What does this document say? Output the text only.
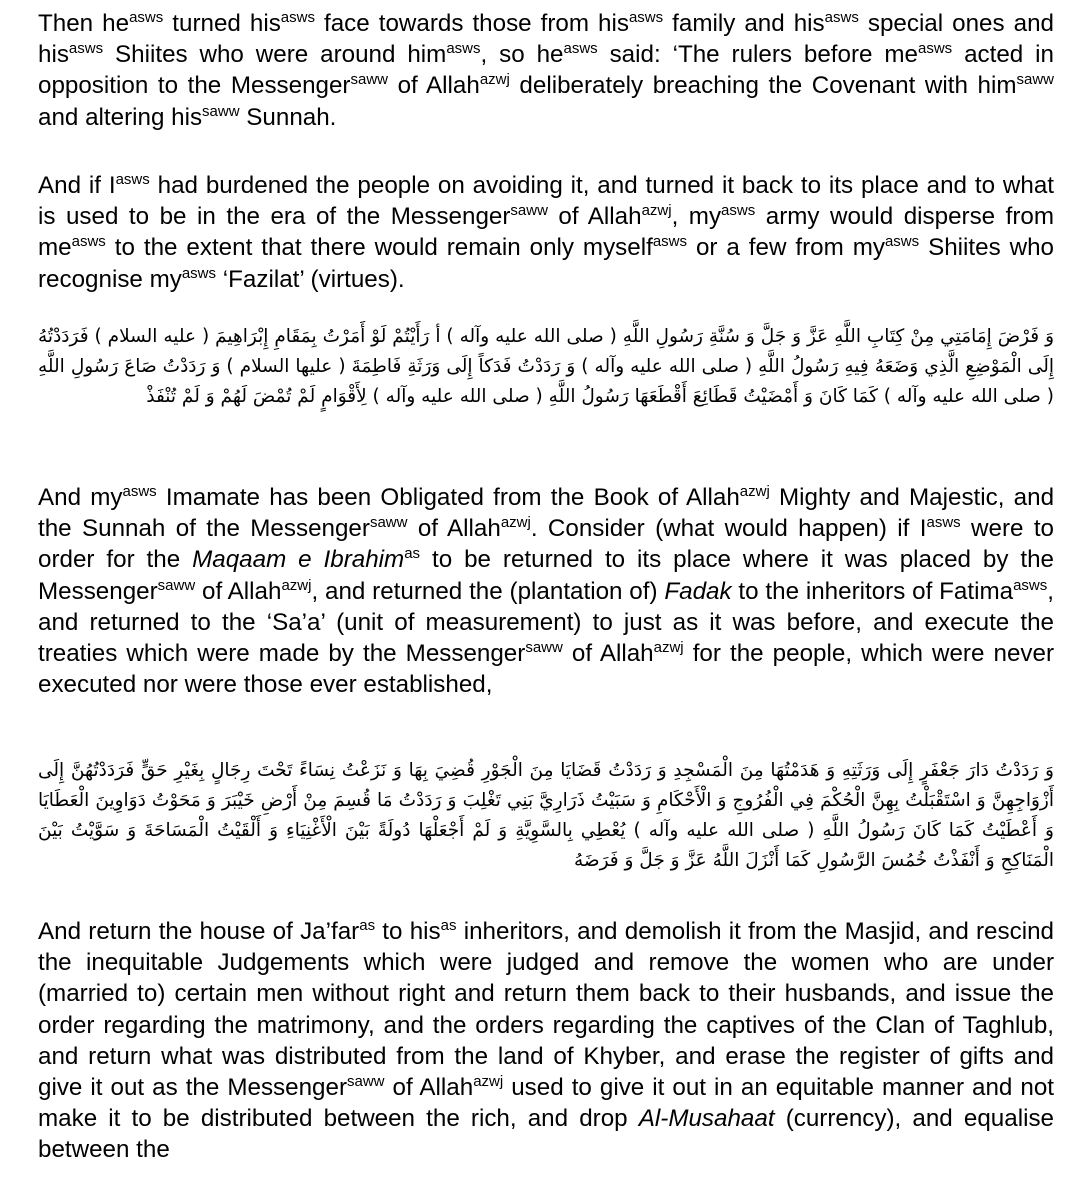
Then $he^{asws}$ turned his$^{asws}$ face towards those from his$^{asws}$ family and his$^{asws}$ special ones and his$^{asws}$ Shiites who were around him$^{asws}$, so $he^{asws}$ said: ‘The rulers before $me^{asws}$ acted in opposition to the Messenger$^{saww}$ of Allah$^{azwj}$ deliberately breaching the Covenant with him$^{saww}$ and altering his$^{saww}$ Sunnah.

And if $I^{asws}$ had burdened the people on avoiding it, and turned it back to its place and to what is used to be in the era of the Messenger$^{saww}$ of Allah$^{azwj}$, $my^{asws}$ army would disperse from $me^{asws}$ to the extent that there would remain only myself$^{asws}$ or a few from $my^{asws}$ Shiites who recognise $my^{asws}$ ‘Fazilat’ (virtues).

وَ فَرْضَ إِمَامَتِي مِنْ كِتَابِ اللَّهِ عَزَّ وَ جَلَّ وَ سُنَّةِ رَسُولِ اللَّهِ ( صلى الله عليه وآله ) أ رَأَيْتُمْ لَوْ أَمَرْتُ بِمَقَامِ إِبْرَاهِيمَ ( عليه السلام ) فَرَدَدْتُهُ إِلَى الْمَوْضِعِ الَّذِي وَضَعَهُ فِيهِ رَسُولُ اللَّهِ ( صلى الله عليه وآله ) وَ رَدَدْتُ فَدَكاً إِلَى وَرَثَةِ فَاطِمَةَ ( عليها السلام ) وَ رَدَدْتُ صَاعَ رَسُولِ اللَّهِ ( صلى الله عليه وآله ) كَمَا كَانَ وَ أَمْضَيْتُ قَطَائِعَ أَقْطَعَهَا رَسُولُ اللَّهِ ( صلى الله عليه وآله ) لِأَقْوَامٍ لَمْ تُمْضَ لَهُمْ وَ لَمْ تُنْفَذْ

And $my^{asws}$ Imamate has been Obligated from the Book of Allah$^{azwj}$ Mighty and Majestic, and the Sunnah of the Messenger$^{saww}$ of Allah$^{azwj}$. Consider (what would happen) if $I^{asws}$ were to order for the Maqaam e Ibrahim$^{as}$ to be returned to its place where it was placed by the Messenger$^{saww}$ of Allah$^{azwj}$, and returned the (plantation of) Fadak to the inheritors of Fatima$^{asws}$, and returned to the ‘Sa’a’ (unit of measurement) to just as it was before, and execute the treaties which were made by the Messenger$^{saww}$ of Allah$^{azwj}$ for the people, which were never executed nor were those ever established,

وَ رَدَدْتُ دَارَ جَعْفَرٍ إِلَى وَرَثَتِهِ وَ هَدَمْتُهَا مِنَ الْمَسْجِدِ وَ رَدَدْتُ قَضَايَا مِنَ الْجَوْرِ قُضِيَ بِهَا وَ نَزَعْتُ نِسَاءً تَحْتَ رِجَالٍ بِغَيْرِ حَقٍّ فَرَدَدْتُهُنَّ إِلَى أَزْوَاجِهِنَّ وَ اسْتَقْبَلْتُ بِهِنَّ الْحُكْمَ فِي الْفُرُوجِ وَ الْأَحْكَامِ وَ سَبَيْتُ ذَرَارِيَّ بَنِي تَغْلِبَ وَ رَدَدْتُ مَا قُسِمَ مِنْ أَرْضِ خَيْبَرَ وَ مَحَوْتُ دَوَاوِينَ الْعَطَايَا وَ أَعْطَيْتُ كَمَا كَانَ رَسُولُ اللَّهِ ( صلى الله عليه وآله ) يُعْطِي بِالسَّوِيَّةِ وَ لَمْ أَجْعَلْهَا دُولَةً بَيْنَ الْأَغْنِيَاءِ وَ أَلْقَيْتُ الْمَسَاحَةَ وَ سَوَّيْتُ بَيْنَ الْمَنَاكِحِ وَ أَنْفَذْتُ خُمُسَ الرَّسُولِ كَمَا أَنْزَلَ اللَّهُ عَزَّ وَ جَلَّ وَ فَرَضَهُ

And return the house of Ja’far$^{as}$ to his$^{as}$ inheritors, and demolish it from the Masjid, and rescind the inequitable Judgements which were judged and remove the women who are under (married to) certain men without right and return them back to their husbands, and issue the order regarding the matrimony, and the orders regarding the captives of the Clan of Taghlub, and return what was distributed from the land of Khyber, and erase the register of gifts and give it out as the Messenger$^{saww}$ of Allah$^{azwj}$ used to give it out in an equitable manner and not make it to be distributed between the rich, and drop Al-Musahaat (currency), and equalise between the
